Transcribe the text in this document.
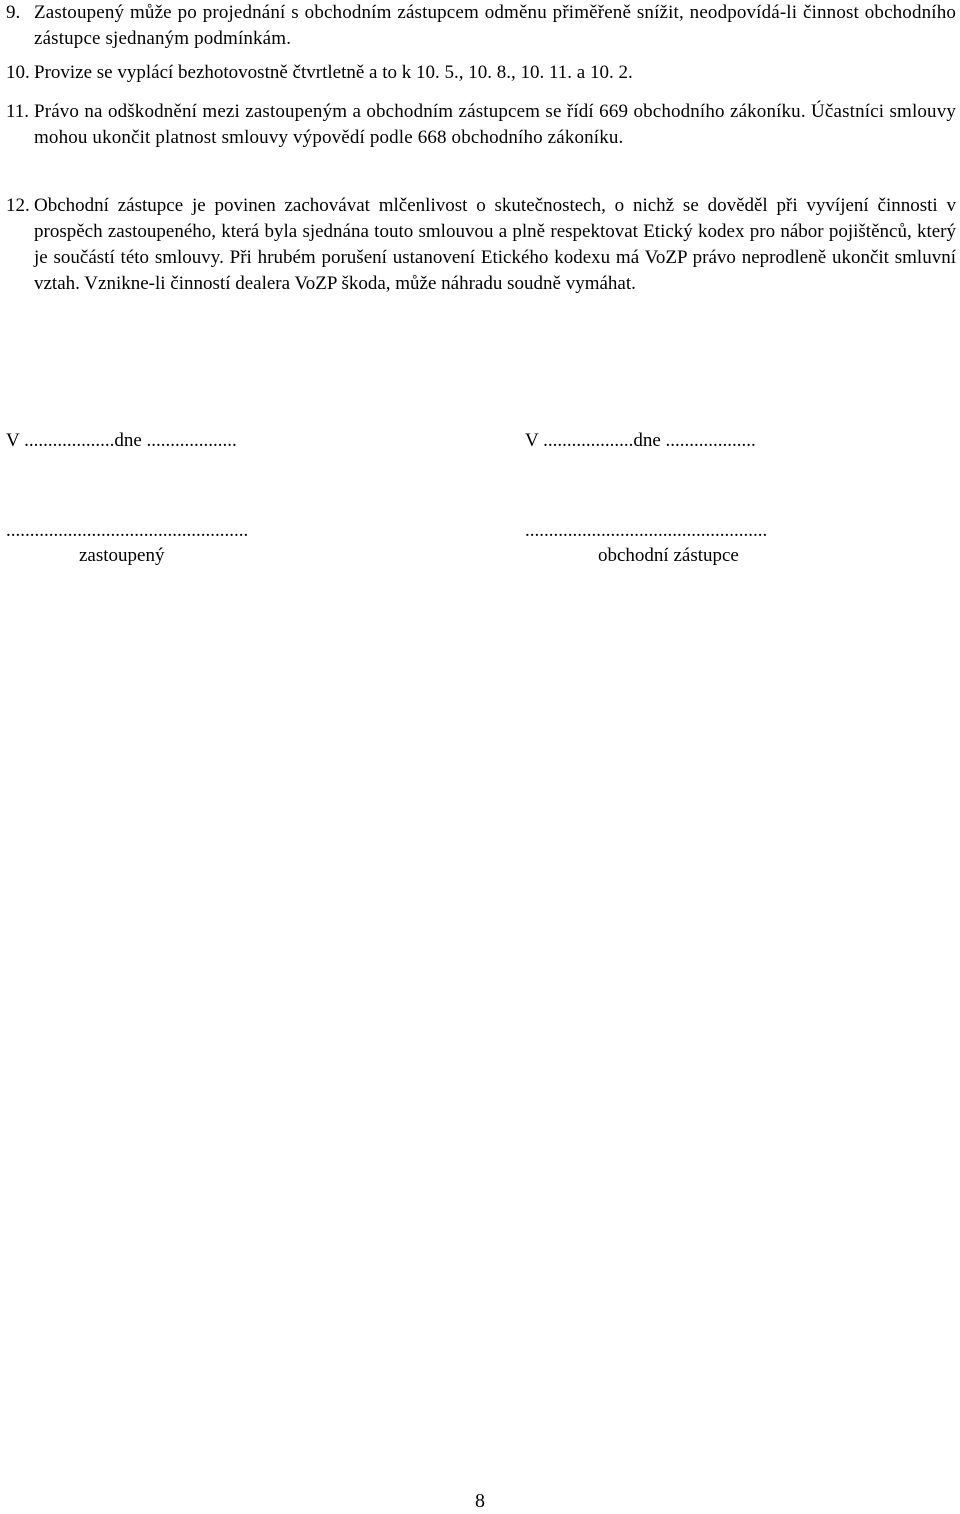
9. Zastoupený může po projednání s obchodním zástupcem odměnu přiměřeně snížit, neodpovídá-li činnost obchodního zástupce sjednaným podmínkám.
10. Provize se vyplácí bezhotovostně čtvrtletně a to k 10. 5., 10. 8., 10. 11. a 10. 2.
11. Právo na odškodnění mezi zastoupeným a obchodním zástupcem se řídí 669 obchodního zákoníku. Účastníci smlouvy mohou ukončit platnost smlouvy výpovědí podle 668 obchodního zákoníku.
12. Obchodní zástupce je povinen zachovávat mlčenlivost o skutečnostech, o nichž se dověděl při vyvíjení činnosti v prospěch zastoupeného, která byla sjednána touto smlouvou a plně respektovat Etický kodex pro nábor pojištěnců, který je součástí této smlouvy. Při hrubém porušení ustanovení Etického kodexu má VoZP právo neprodleně ukončit smluvní vztah. Vznikne-li činností dealera VoZP škoda, může náhradu soudně vymáhat.
V ...................dne ...................	V ...................dne ...................
...................................................	...................................................
zastoupený	obchodní zástupce
8
